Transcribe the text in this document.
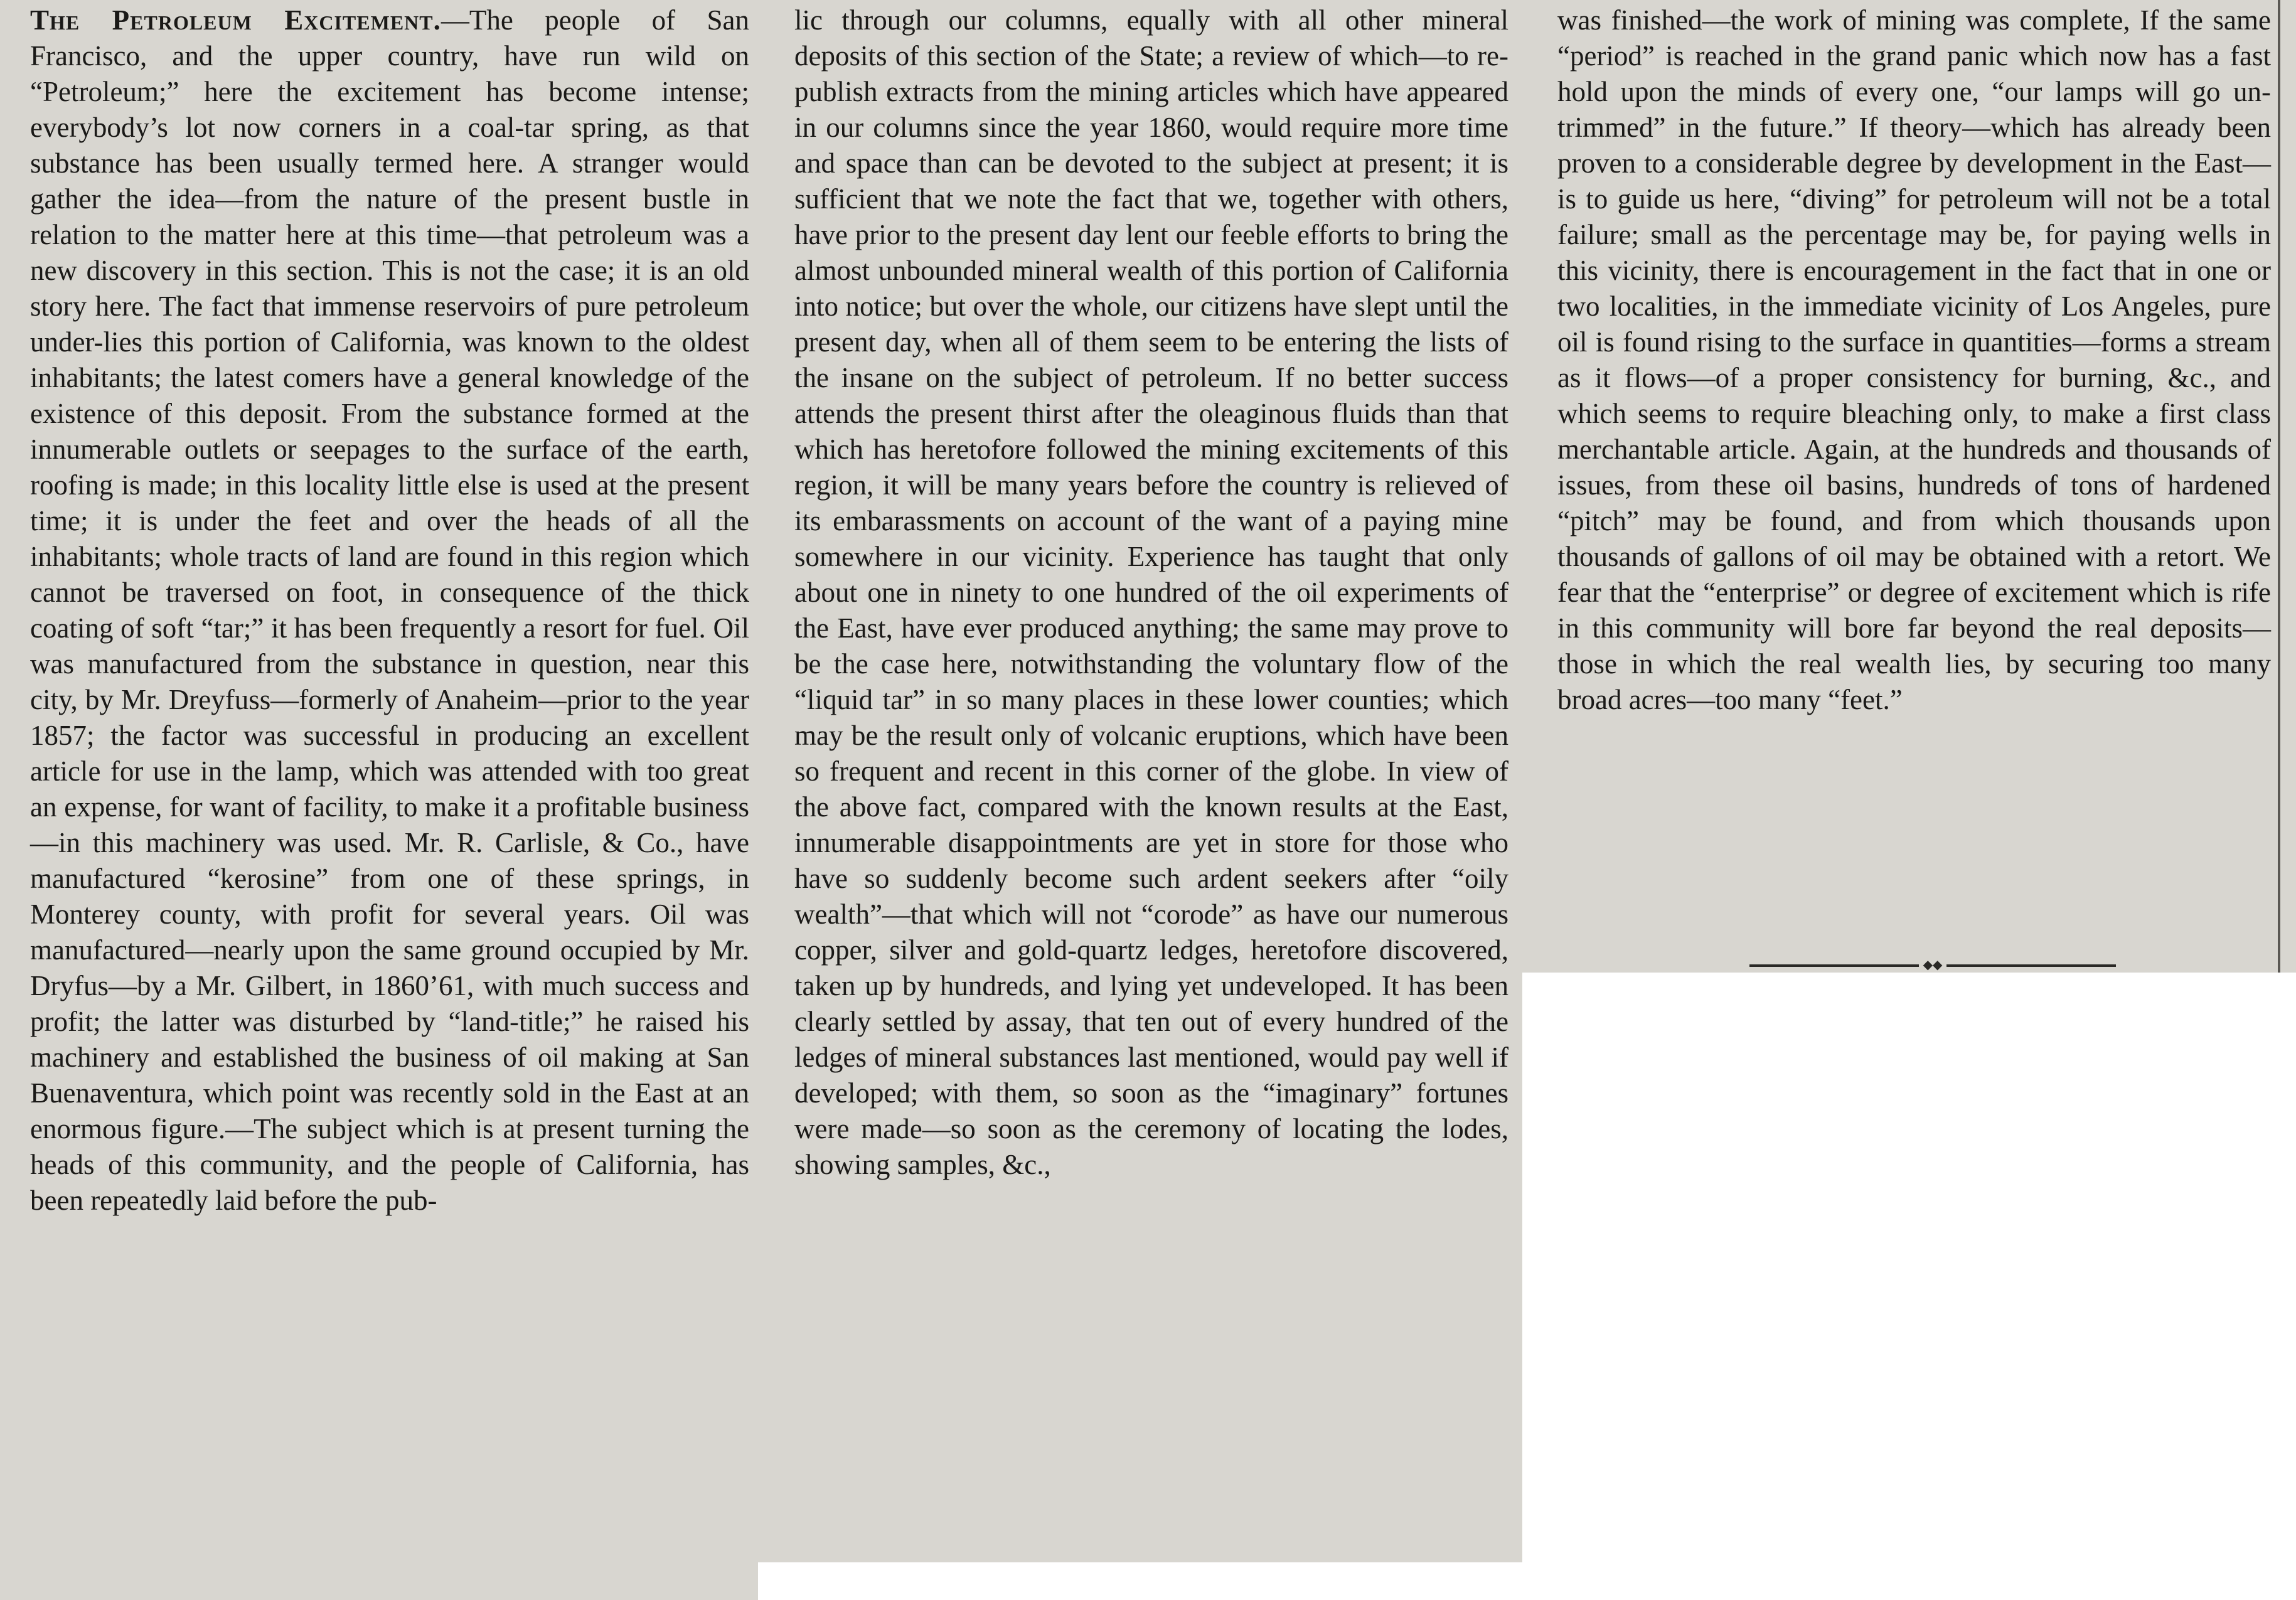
The Petroleum Excitement.—The people of San Francisco, and the upper country, have run wild on “Petroleum;” here the excitement has become intense; everybody’s lot now corners in a coal-tar spring, as that substance has been usually termed here. A stranger would gather the idea—from the nature of the present bustle in relation to the matter here at this time—that petroleum was a new discovery in this section. This is not the case; it is an old story here. The fact that immense reservoirs of pure petroleum under-lies this portion of California, was known to the oldest inhabitants; the latest comers have a general knowledge of the existence of this deposit. From the substance formed at the innumerable outlets or seepages to the surface of the earth, roofing is made; in this locality little else is used at the present time; it is under the feet and over the heads of all the inhabitants; whole tracts of land are found in this region which cannot be traversed on foot, in consequence of the thick coating of soft “tar;” it has been frequently a resort for fuel. Oil was manufactured from the substance in question, near this city, by Mr. Dreyfuss—formerly of Anaheim—prior to the year 1857; the factor was successful in producing an excellent article for use in the lamp, which was attended with too great an expense, for want of facility, to make it a profitable business—in this machinery was used. Mr. R. Carlisle, & Co., have manufactured “kerosine” from one of these springs, in Monterey county, with profit for several years. Oil was manufactured—nearly upon the same ground occupied by Mr. Dryfus—by a Mr. Gilbert, in 1860’61, with much success and profit; the latter was disturbed by “land-title;” he raised his machinery and established the business of oil making at San Buenaventura, which point was recently sold in the East at an enormous figure.—The subject which is at present turning the heads of this community, and the people of California, has been repeatedly laid before the pub-

lic through our columns, equally with all other mineral deposits of this section of the State; a review of which—to re-publish extracts from the mining articles which have appeared in our columns since the year 1860, would require more time and space than can be devoted to the subject at present; it is sufficient that we note the fact that we, together with others, have prior to the present day lent our feeble efforts to bring the almost unbounded mineral wealth of this portion of California into notice; but over the whole, our citizens have slept until the present day, when all of them seem to be entering the lists of the insane on the subject of petroleum. If no better success attends the present thirst after the oleaginous fluids than that which has heretofore followed the mining excitements of this region, it will be many years before the country is relieved of its embarassments on account of the want of a paying mine somewhere in our vicinity. Experience has taught that only about one in ninety to one hundred of the oil experiments of the East, have ever produced anything; the same may prove to be the case here, notwithstanding the voluntary flow of the “liquid tar” in so many places in these lower counties; which may be the result only of volcanic eruptions, which have been so frequent and recent in this corner of the globe. In view of the above fact, compared with the known results at the East, innumerable disappointments are yet in store for those who have so suddenly become such ardent seekers after “oily wealth”—that which will not “corode” as have our numerous copper, silver and gold-quartz ledges, heretofore discovered, taken up by hundreds, and lying yet undeveloped. It has been clearly settled by assay, that ten out of every hundred of the ledges of mineral substances last mentioned, would pay well if developed; with them, so soon as the “imaginary” fortunes were made—so soon as the ceremony of locating the lodes, showing samples, &c.,

was finished—the work of mining was complete, If the same “period” is reached in the grand panic which now has a fast hold upon the minds of every one, “our lamps will go un-trimmed” in the future.” If theory—which has already been proven to a considerable degree by development in the East—is to guide us here, “diving” for petroleum will not be a total failure; small as the percentage may be, for paying wells in this vicinity, there is encouragement in the fact that in one or two localities, in the immediate vicinity of Los Angeles, pure oil is found rising to the surface in quantities—forms a stream as it flows—of a proper consistency for burning, &c., and which seems to require bleaching only, to make a first class merchantable article. Again, at the hundreds and thousands of issues, from these oil basins, hundreds of tons of hardened “pitch” may be found, and from which thousands upon thousands of gallons of oil may be obtained with a retort. We fear that the “enterprise” or degree of excitement which is rife in this community will bore far beyond the real deposits—those in which the real wealth lies, by securing too many broad acres—too many “feet.”

◆◆
